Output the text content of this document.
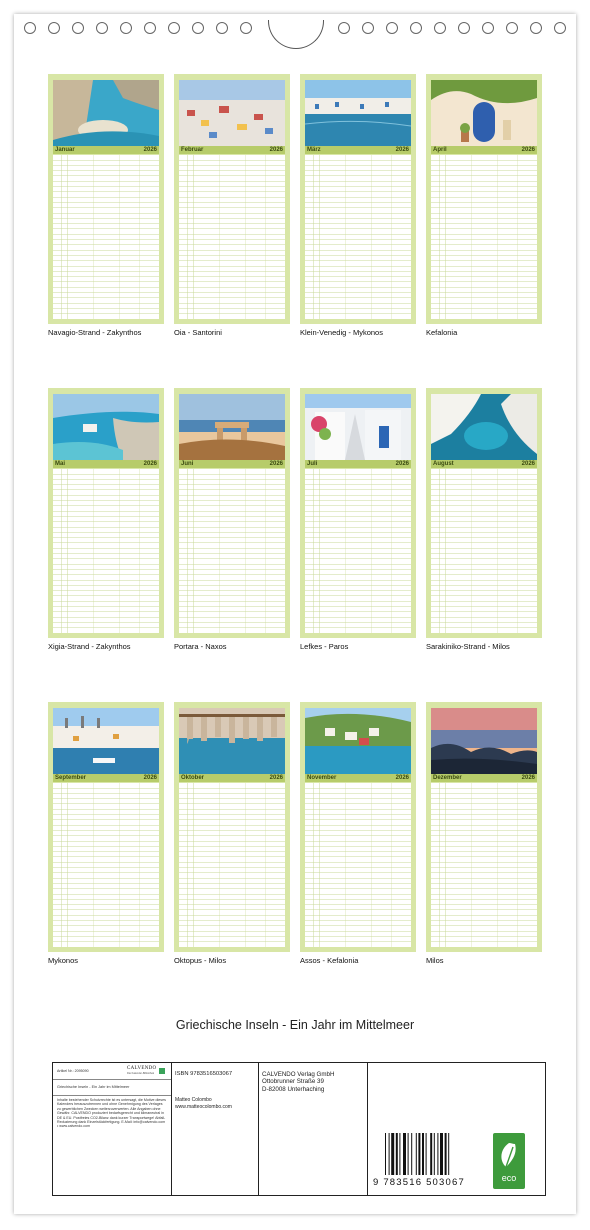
Januar	2026
Navagio-Strand - Zakynthos
Februar	2026
Oia - Santorini
März	2026
Klein-Venedig - Mykonos
April	2026
Kefalonia
Mai	2026
Xigia-Strand - Zakynthos
Juni	2026
Portara - Naxos
Juli	2026
Lefkes - Paros
August	2026
Sarakiniko-Strand - Milos
September	2026
Mykonos
Oktober	2026
Oktopus - Milos
November	2026
Assos - Kefalonia
Dezember	2026
Milos
Griechische Inseln - Ein Jahr im Mittelmeer
Artikel Nr.: 2095090	CALVENDO
Die Kalender-Bibliothek
Griechische Inseln - Ein Jahr im Mittelmeer
Inhalte bestehender Schutzrechte ist es untersagt, die Motive dieses Kalenders herauszutrennen und ohne Genehmigung des Verlages zu gewerblichen Zwecken weiterzuverwerten. Alle Angaben ohne Gewähr. CALVENDO produziert bedarfsgerecht und klimaneutral in DE & EU. Postfreies CO2-Bilanz dank kurzer Transportwege! Abfall-Reduzierung dank Einzelstückfertigung. E-Mail: info@calvendo.com • www.calvendo.com
ISBN 9783516503067
Matteo Colombo
www.matteocolombo.com
CALVENDO Verlag GmbH
Ottobrunner Straße 39
D-82008 Unterhaching
9 783516 503067	eco
